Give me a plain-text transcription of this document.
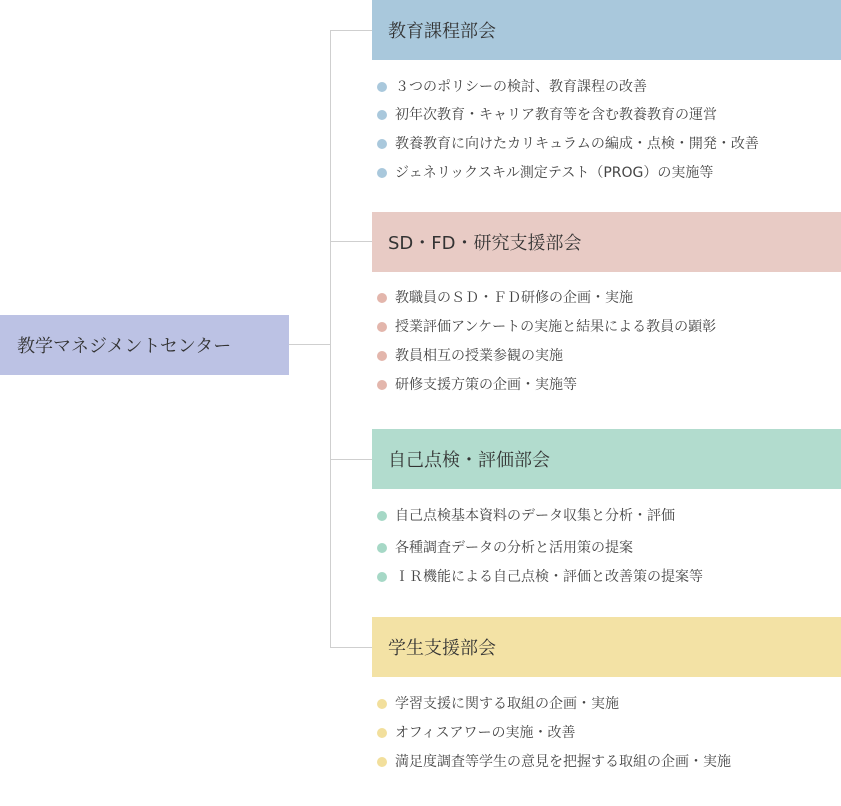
教学マネジメントセンター
教育課程部会
３つのポリシーの検討、教育課程の改善
初年次教育・キャリア教育等を含む教養教育の運営
教養教育に向けたカリキュラムの編成・点検・開発・改善
ジェネリックスキル測定テスト（PROG）の実施等
SD・FD・研究支援部会
教職員のＳＤ・ＦＤ研修の企画・実施
授業評価アンケートの実施と結果による教員の顕彰
教員相互の授業参観の実施
研修支援方策の企画・実施等
自己点検・評価部会
自己点検基本資料のデータ収集と分析・評価
各種調査データの分析と活用策の提案
ＩＲ機能による自己点検・評価と改善策の提案等
学生支援部会
学習支援に関する取組の企画・実施
オフィスアワーの実施・改善
満足度調査等学生の意見を把握する取組の企画・実施
